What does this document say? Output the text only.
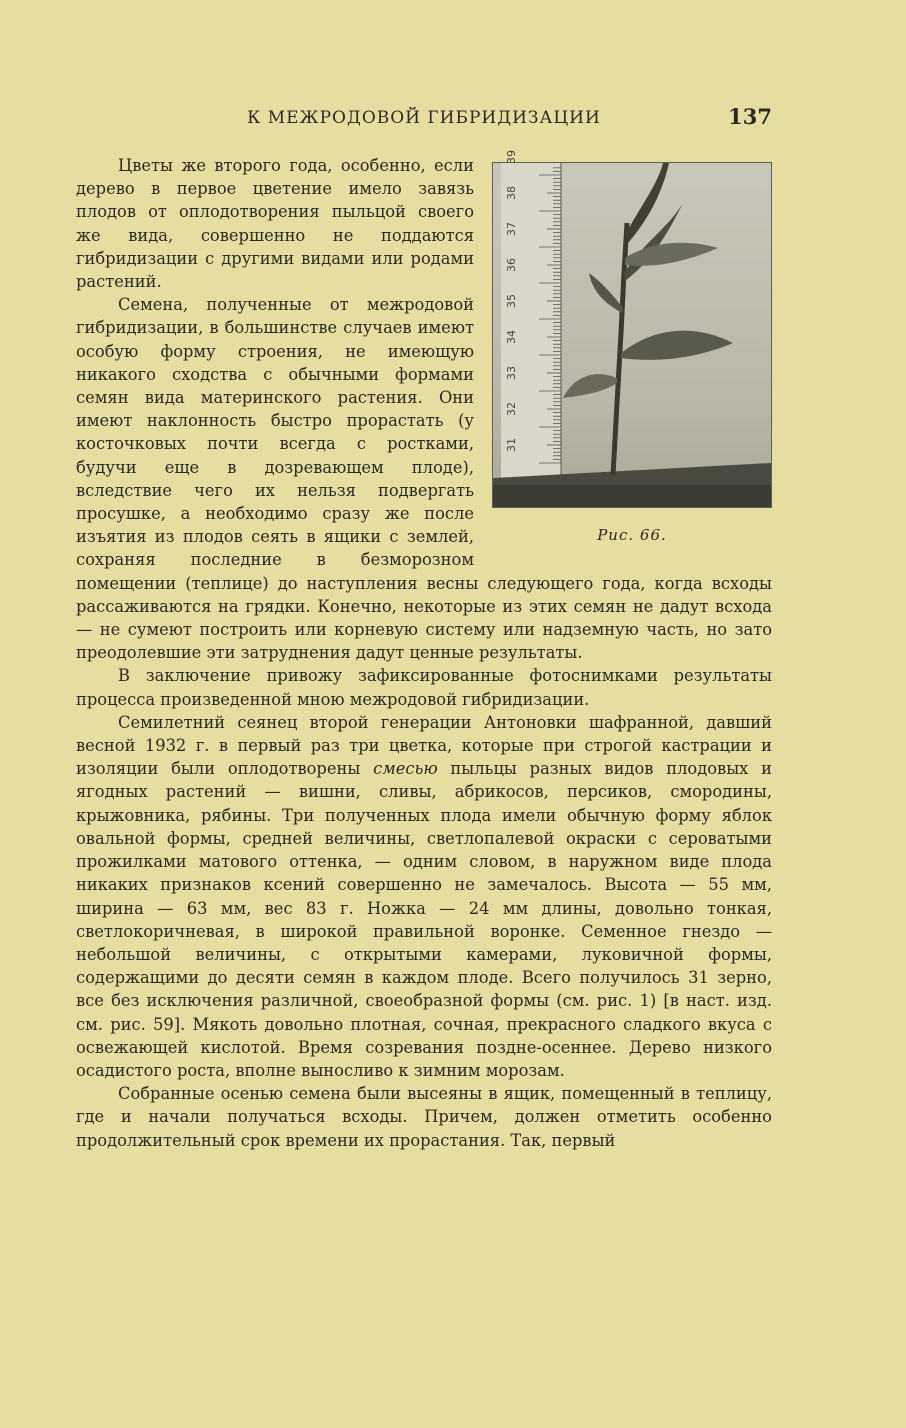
К МЕЖРОДОВОЙ ГИБРИДИЗАЦИИ	137
31
32
33
34
35
36
37
38
39
Рис. 66.

Цветы же второго года, особенно, если дерево в первое цветение имело завязь плодов от оплодотворения пыльцой своего же вида, совершенно не поддаются гибридизации с другими видами или родами растений.

Семена, полученные от межродовой гибридизации, в большинстве случаев имеют особую форму строения, не имеющую никакого сходства с обычными формами семян вида материнского растения. Они имеют наклонность быстро прорастать (у косточковых почти всегда с ростками, будучи еще в дозревающем плоде), вследствие чего их нельзя подвергать просушке, а необходимо сразу же после изъятия из плодов сеять в ящики с землей, сохраняя последние в безморозном помещении (теплице) до наступления весны следующего года, когда всходы рассаживаются на грядки. Конечно, некоторые из этих семян не дадут всхода — не сумеют построить или корневую систему или надземную часть, но зато преодолевшие эти затруднения дадут ценные результаты.

В заключение привожу зафиксированные фотоснимками результаты процесса произведенной мною межродовой гибридизации.

Семилетний сеянец второй генерации Антоновки шафранной, давший весной 1932 г. в первый раз три цветка, которые при строгой кастрации и изоляции были оплодотворены смесью пыльцы разных видов плодовых и ягодных растений — вишни, сливы, абрикосов, персиков, смородины, крыжовника, рябины. Три полученных плода имели обычную форму яблок овальной формы, средней величины, светлопалевой окраски с сероватыми прожилками матового оттенка, — одним словом, в наружном виде плода никаких признаков ксений совершенно не замечалось. Высота — 55 мм, ширина — 63 мм, вес 83 г. Ножка — 24 мм длины, довольно тонкая, светлокоричневая, в широкой правильной воронке. Семенное гнездо — небольшой величины, с открытыми камерами, луковичной формы, содержащими до десяти семян в каждом плоде. Всего получилось 31 зерно, все без исключения различной, своеобразной формы (см. рис. 1) [в наст. изд. см. рис. 59]. Мякоть довольно плотная, сочная, прекрасного сладкого вкуса с освежающей кислотой. Время созревания поздне-осеннее. Дерево низкого осадистого роста, вполне выносливо к зимним морозам.

Собранные осенью семена были высеяны в ящик, помещенный в теплицу, где и начали получаться всходы. Причем, должен отметить особенно продолжительный срок времени их прорастания. Так, первый
